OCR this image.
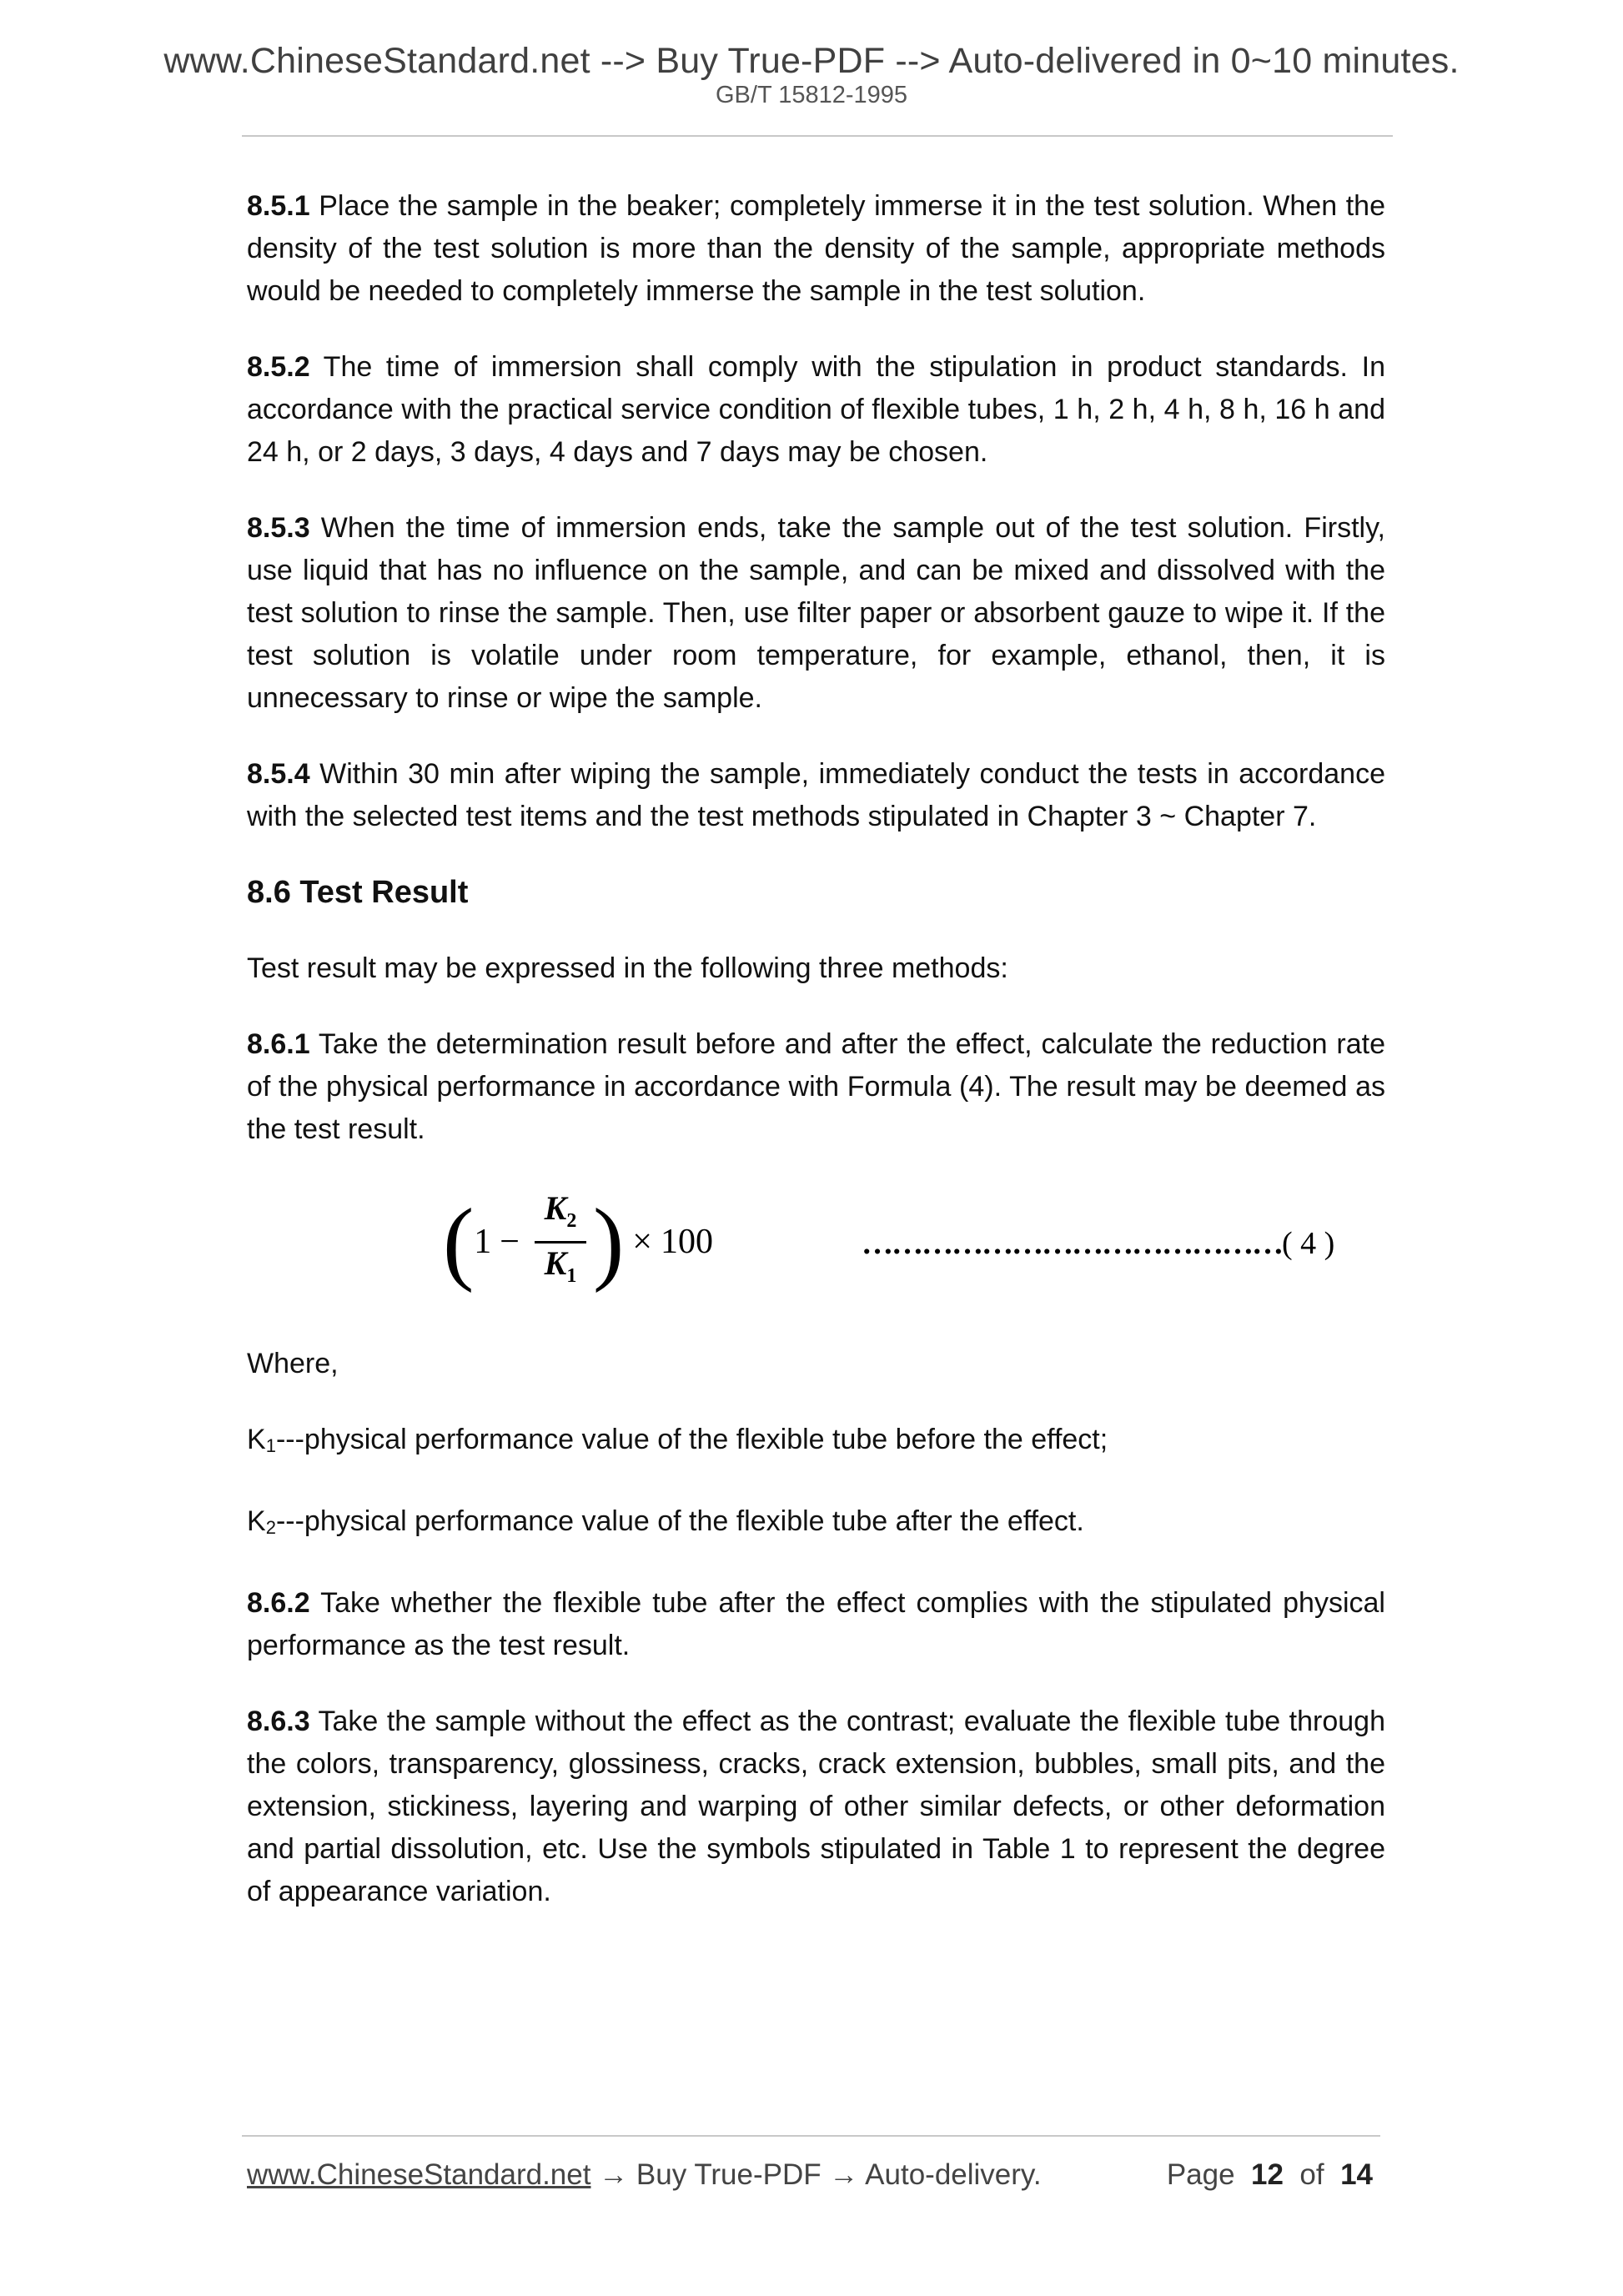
www.ChineseStandard.net --> Buy True-PDF --> Auto-delivered in 0~10 minutes.
GB/T 15812-1995

8.5.1 Place the sample in the beaker; completely immerse it in the test solution. When the density of the test solution is more than the density of the sample, appropriate methods would be needed to completely immerse the sample in the test solution.

8.5.2 The time of immersion shall comply with the stipulation in product standards. In accordance with the practical service condition of flexible tubes, 1 h, 2 h, 4 h, 8 h, 16 h and 24 h, or 2 days, 3 days, 4 days and 7 days may be chosen.

8.5.3 When the time of immersion ends, take the sample out of the test solution. Firstly, use liquid that has no influence on the sample, and can be mixed and dissolved with the test solution to rinse the sample. Then, use filter paper or absorbent gauze to wipe it. If the test solution is volatile under room temperature, for example, ethanol, then, it is unnecessary to rinse or wipe the sample.

8.5.4 Within 30 min after wiping the sample, immediately conduct the tests in accordance with the selected test items and the test methods stipulated in Chapter 3 ~ Chapter 7.

8.6 Test Result

Test result may be expressed in the following three methods:

8.6.1 Take the determination result before and after the effect, calculate the reduction rate of the physical performance in accordance with Formula (4). The result may be deemed as the test result.

( $1 - \frac{K_2}{K_1}$ ) × 100	……………………………………( 4 )

Where,

K1---physical performance value of the flexible tube before the effect;

K2---physical performance value of the flexible tube after the effect.

8.6.2 Take whether the flexible tube after the effect complies with the stipulated physical performance as the test result.

8.6.3 Take the sample without the effect as the contrast; evaluate the flexible tube through the colors, transparency, glossiness, cracks, crack extension, bubbles, small pits, and the extension, stickiness, layering and warping of other similar defects, or other deformation and partial dissolution, etc. Use the symbols stipulated in Table 1 to represent the degree of appearance variation.

www.ChineseStandard.net → Buy True-PDF → Auto-delivery.	Page 12 of 14
